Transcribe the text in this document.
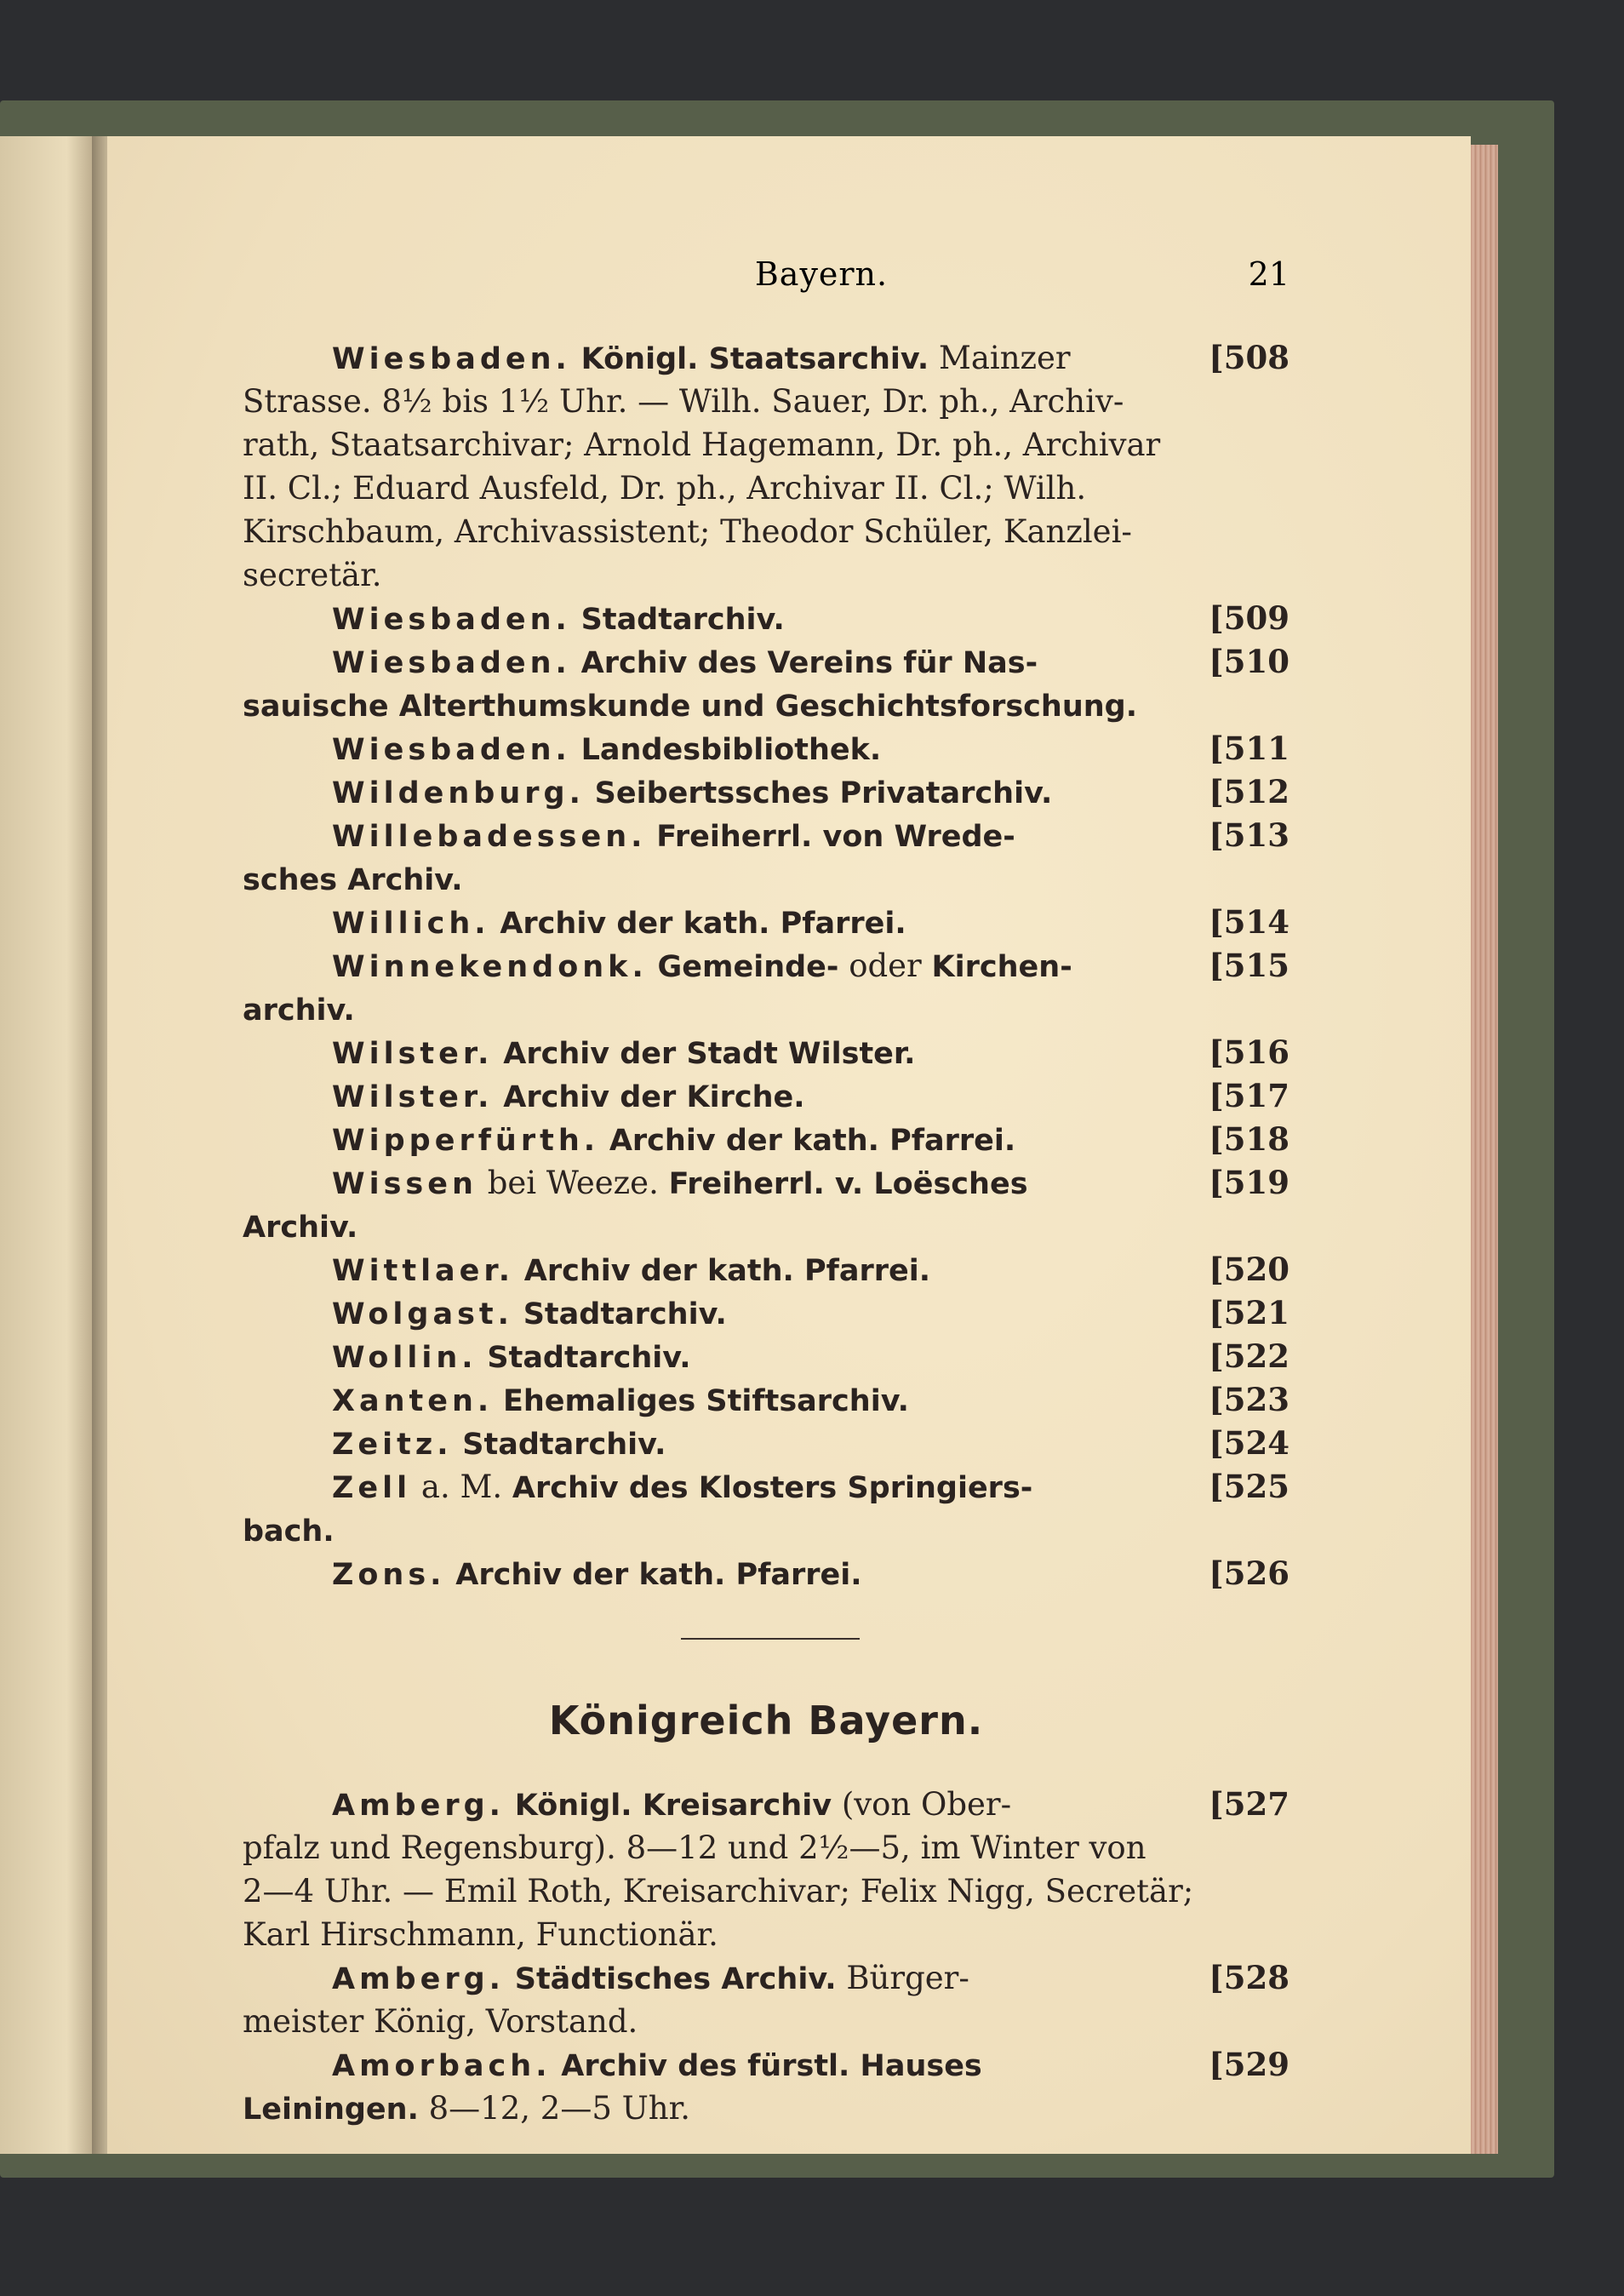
Bayern.	21
Wiesbaden. Königl. Staatsarchiv. Mainzer	[508
Strasse. 8½ bis 1½ Uhr. — Wilh. Sauer, Dr. ph., Archiv-
rath, Staatsarchivar; Arnold Hagemann, Dr. ph., Archivar
II. Cl.; Eduard Ausfeld, Dr. ph., Archivar II. Cl.; Wilh.
Kirschbaum, Archivassistent; Theodor Schüler, Kanzlei-
secretär.
Wiesbaden. Stadtarchiv.	[509
Wiesbaden. Archiv des Vereins für Nas-	[510
sauische Alterthumskunde und Geschichtsforschung.
Wiesbaden. Landesbibliothek.	[511
Wildenburg. Seibertssches Privatarchiv.	[512
Willebadessen. Freiherrl. von Wrede-	[513
sches Archiv.
Willich. Archiv der kath. Pfarrei.	[514
Winnekendonk. Gemeinde- oder Kirchen-	[515
archiv.
Wilster. Archiv der Stadt Wilster.	[516
Wilster. Archiv der Kirche.	[517
Wipperfürth. Archiv der kath. Pfarrei.	[518
Wissen bei Weeze. Freiherrl. v. Loësches	[519
Archiv.
Wittlaer. Archiv der kath. Pfarrei.	[520
Wolgast. Stadtarchiv.	[521
Wollin. Stadtarchiv.	[522
Xanten. Ehemaliges Stiftsarchiv.	[523
Zeitz. Stadtarchiv.	[524
Zell a. M. Archiv des Klosters Springiers-	[525
bach.
Zons. Archiv der kath. Pfarrei.	[526
Königreich Bayern.
Amberg. Königl. Kreisarchiv (von Ober-	[527
pfalz und Regensburg). 8—12 und 2½—5, im Winter von
2—4 Uhr. — Emil Roth, Kreisarchivar; Felix Nigg, Secretär;
Karl Hirschmann, Functionär.
Amberg. Städtisches Archiv. Bürger-	[528
meister König, Vorstand.
Amorbach. Archiv des fürstl. Hauses	[529
Leiningen. 8—12, 2—5 Uhr.
